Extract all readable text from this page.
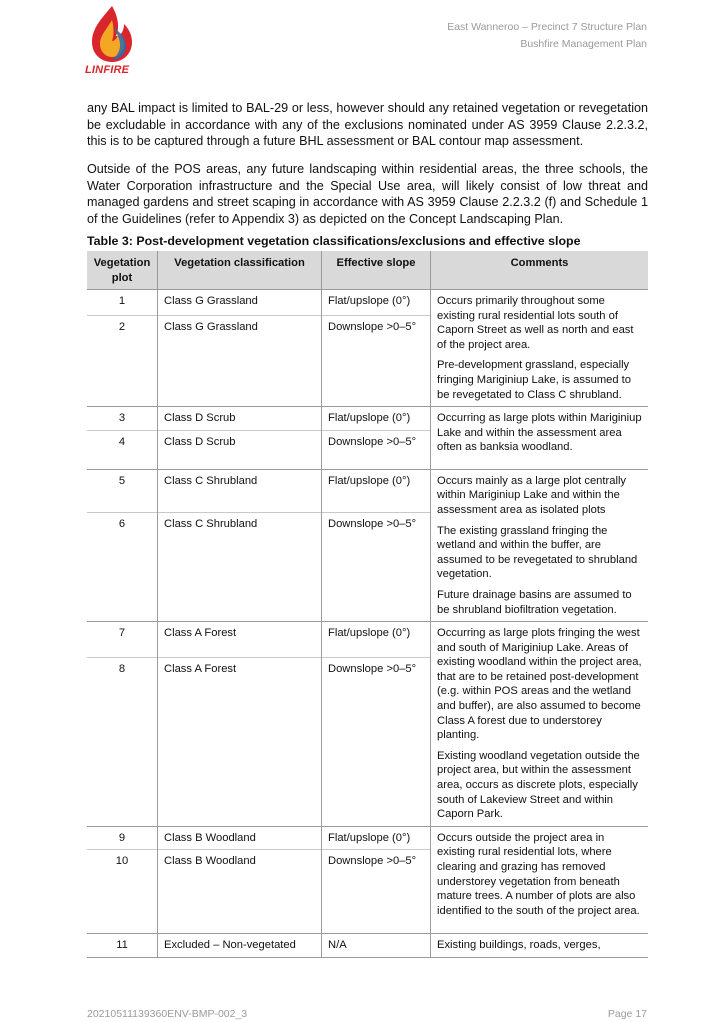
LINFIRE
East Wanneroo – Precinct 7 Structure Plan
Bushfire Management Plan

any BAL impact is limited to BAL-29 or less, however should any retained vegetation or revegetation be excludable in accordance with any of the exclusions nominated under AS 3959 Clause 2.2.3.2, this is to be captured through a future BHL assessment or BAL contour map assessment.

Outside of the POS areas, any future landscaping within residential areas, the three schools, the Water Corporation infrastructure and the Special Use area, will likely consist of low threat and managed gardens and street scaping in accordance with AS 3959 Clause 2.2.3.2 (f) and Schedule 1 of the Guidelines (refer to Appendix 3) as depicted on the Concept Landscaping Plan.

Table 3: Post-development vegetation classifications/exclusions and effective slope
Vegetation plot	Vegetation classification	Effective slope	Comments
1	Class G Grassland	Flat/upslope (0°)	Occurs primarily throughout some existing rural residential lots south of Caporn Street as well as north and east of the project area.

Pre-development grassland, especially fringing Mariginiup Lake, is assumed to be revegetated to Class C shrubland.

2	Class G Grassland	Downslope >0–5°	
3	Class D Scrub	Flat/upslope (0°)	Occurring as large plots within Mariginiup Lake and within the assessment area often as banksia woodland.

4	Class D Scrub	Downslope >0–5°	
5	Class C Shrubland	Flat/upslope (0°)	Occurs mainly as a large plot centrally within Mariginiup Lake and within the assessment area as isolated plots

The existing grassland fringing the wetland and within the buffer, are assumed to be revegetated to shrubland vegetation.

Future drainage basins are assumed to be shrubland biofiltration vegetation.

6	Class C Shrubland	Downslope >0–5°	
7	Class A Forest	Flat/upslope (0°)	Occurring as large plots fringing the west and south of Mariginiup Lake. Areas of existing woodland within the project area, that are to be retained post-development (e.g. within POS areas and the wetland and buffer), are also assumed to become Class A forest due to understorey planting.

Existing woodland vegetation outside the project area, but within the assessment area, occurs as discrete plots, especially south of Lakeview Street and within Caporn Park.

8	Class A Forest	Downslope >0–5°	
9	Class B Woodland	Flat/upslope (0°)	Occurs outside the project area in existing rural residential lots, where clearing and grazing has removed understorey vegetation from beneath mature trees. A number of plots are also identified to the south of the project area.

10	Class B Woodland	Downslope >0–5°	
11	Excluded – Non-vegetated	N/A	Existing buildings, roads, verges,

20210511139360ENV-BMP-002_3	Page 17
